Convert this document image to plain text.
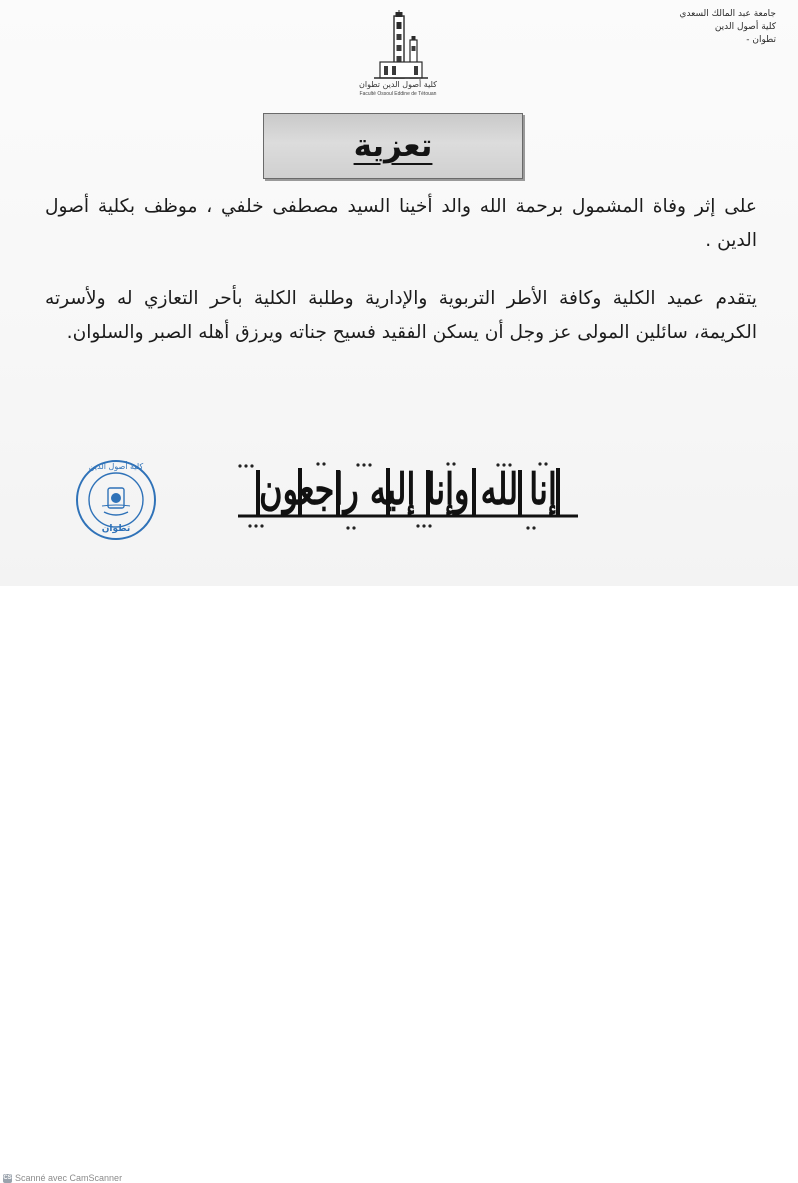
جامعة عبد المالك السعدي
كلية أصول الدين
تطوان -
كلية أصول الدين تطوان
Faculté Ossoul Eddine de Tétouan
تعزية

على إثر وفاة المشمول برحمة الله والد أخينا السيد مصطفى خلفي ، موظف بكلية أصول الدين .

يتقدم عميد الكلية وكافة الأطر التربوية والإدارية وطلبة الكلية بأحر التعازي له ولأسرته الكريمة، سائلين المولى عز وجل أن يسكن الفقيد فسيح جناته ويرزق أهله الصبر والسلوان.

إنا لله وإنا إليه راجعون
كلية أصول الدين
تطوان
CS Scanné avec CamScanner
